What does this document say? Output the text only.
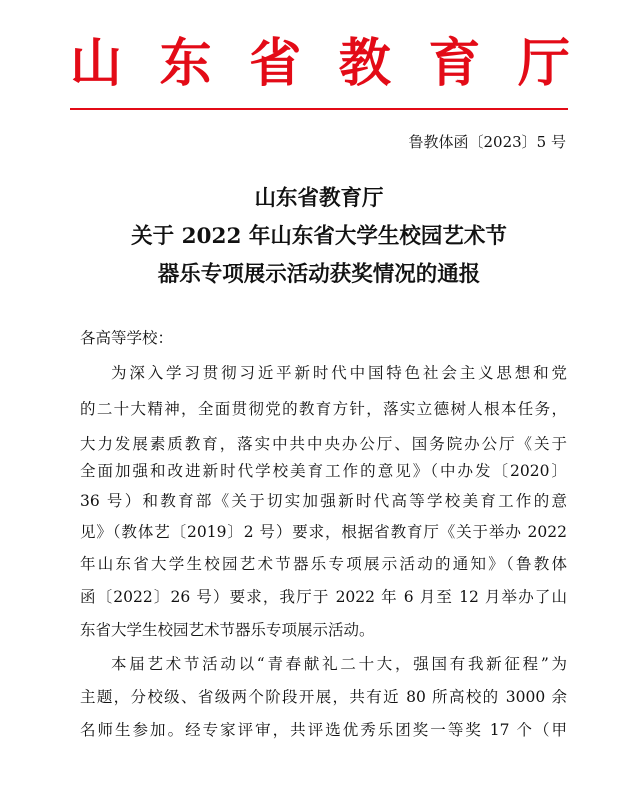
山 东 省 教 育 厅
鲁教体函〔2023〕5 号
山东省教育厅
关于 2022 年山东省大学生校园艺术节
器乐专项展示活动获奖情况的通报
各高等学校：
为深入学习贯彻习近平新时代中国特色社会主义思想和党
的二十大精神，全面贯彻党的教育方针，落实立德树人根本任务，
大力发展素质教育，落实中共中央办公厅、国务院办公厅《关于
全面加强和改进新时代学校美育工作的意见》（中办发〔2020〕
36 号）和教育部《关于切实加强新时代高等学校美育工作的意
见》（教体艺〔2019〕2 号）要求，根据省教育厅《关于举办 2022
年山东省大学生校园艺术节器乐专项展示活动的通知》（鲁教体
函〔2022〕26 号）要求，我厅于 2022 年 6 月至 12 月举办了山
东省大学生校园艺术节器乐专项展示活动。
本届艺术节活动以“青春献礼二十大，强国有我新征程”为
主题，分校级、省级两个阶段开展，共有近 80 所高校的 3000 余
名师生参加。经专家评审，共评选优秀乐团奖一等奖 17 个（甲
